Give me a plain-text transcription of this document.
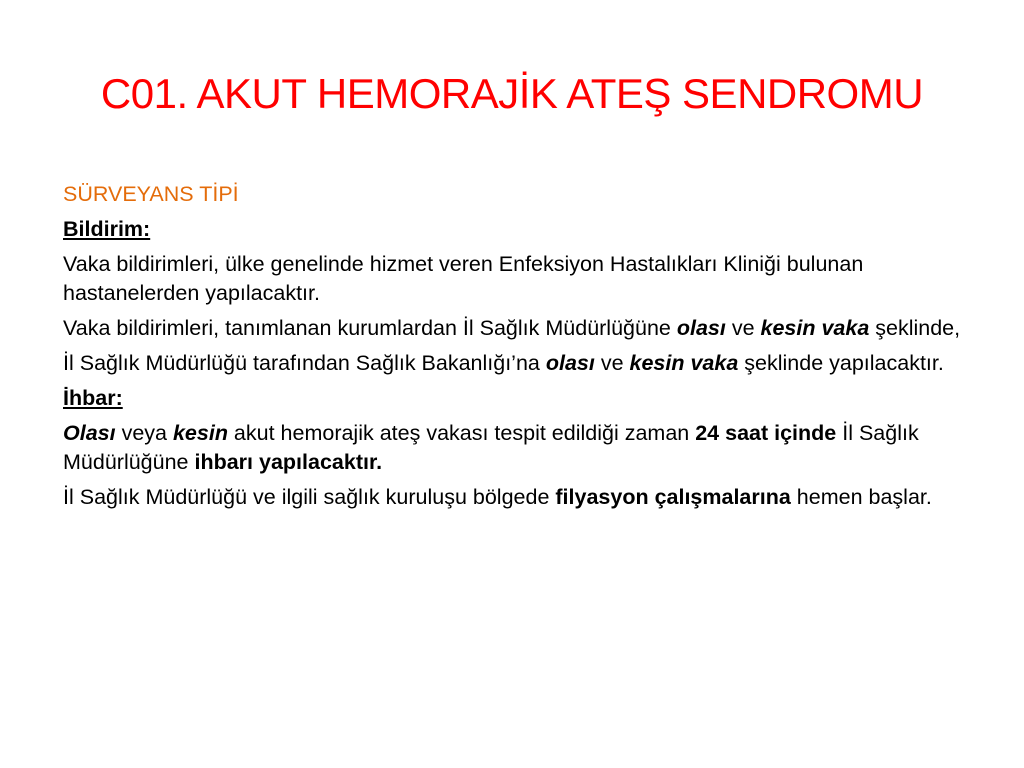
C01. AKUT HEMORAJİK ATEŞ SENDROMU

SÜRVEYANS TİPİ

Bildirim:

Vaka bildirimleri, ülke genelinde hizmet veren Enfeksiyon Hastalıkları Kliniği bulunan hastanelerden yapılacaktır.

Vaka bildirimleri, tanımlanan kurumlardan İl Sağlık Müdürlüğüne olası ve kesin vaka şeklinde,

İl Sağlık Müdürlüğü tarafından Sağlık Bakanlığı’na olası ve kesin vaka şeklinde yapılacaktır.

İhbar:

Olası veya kesin akut hemorajik ateş vakası tespit edildiği zaman 24 saat içinde İl Sağlık Müdürlüğüne ihbarı yapılacaktır.

İl Sağlık Müdürlüğü ve ilgili sağlık kuruluşu bölgede filyasyon çalışmalarına hemen başlar.
